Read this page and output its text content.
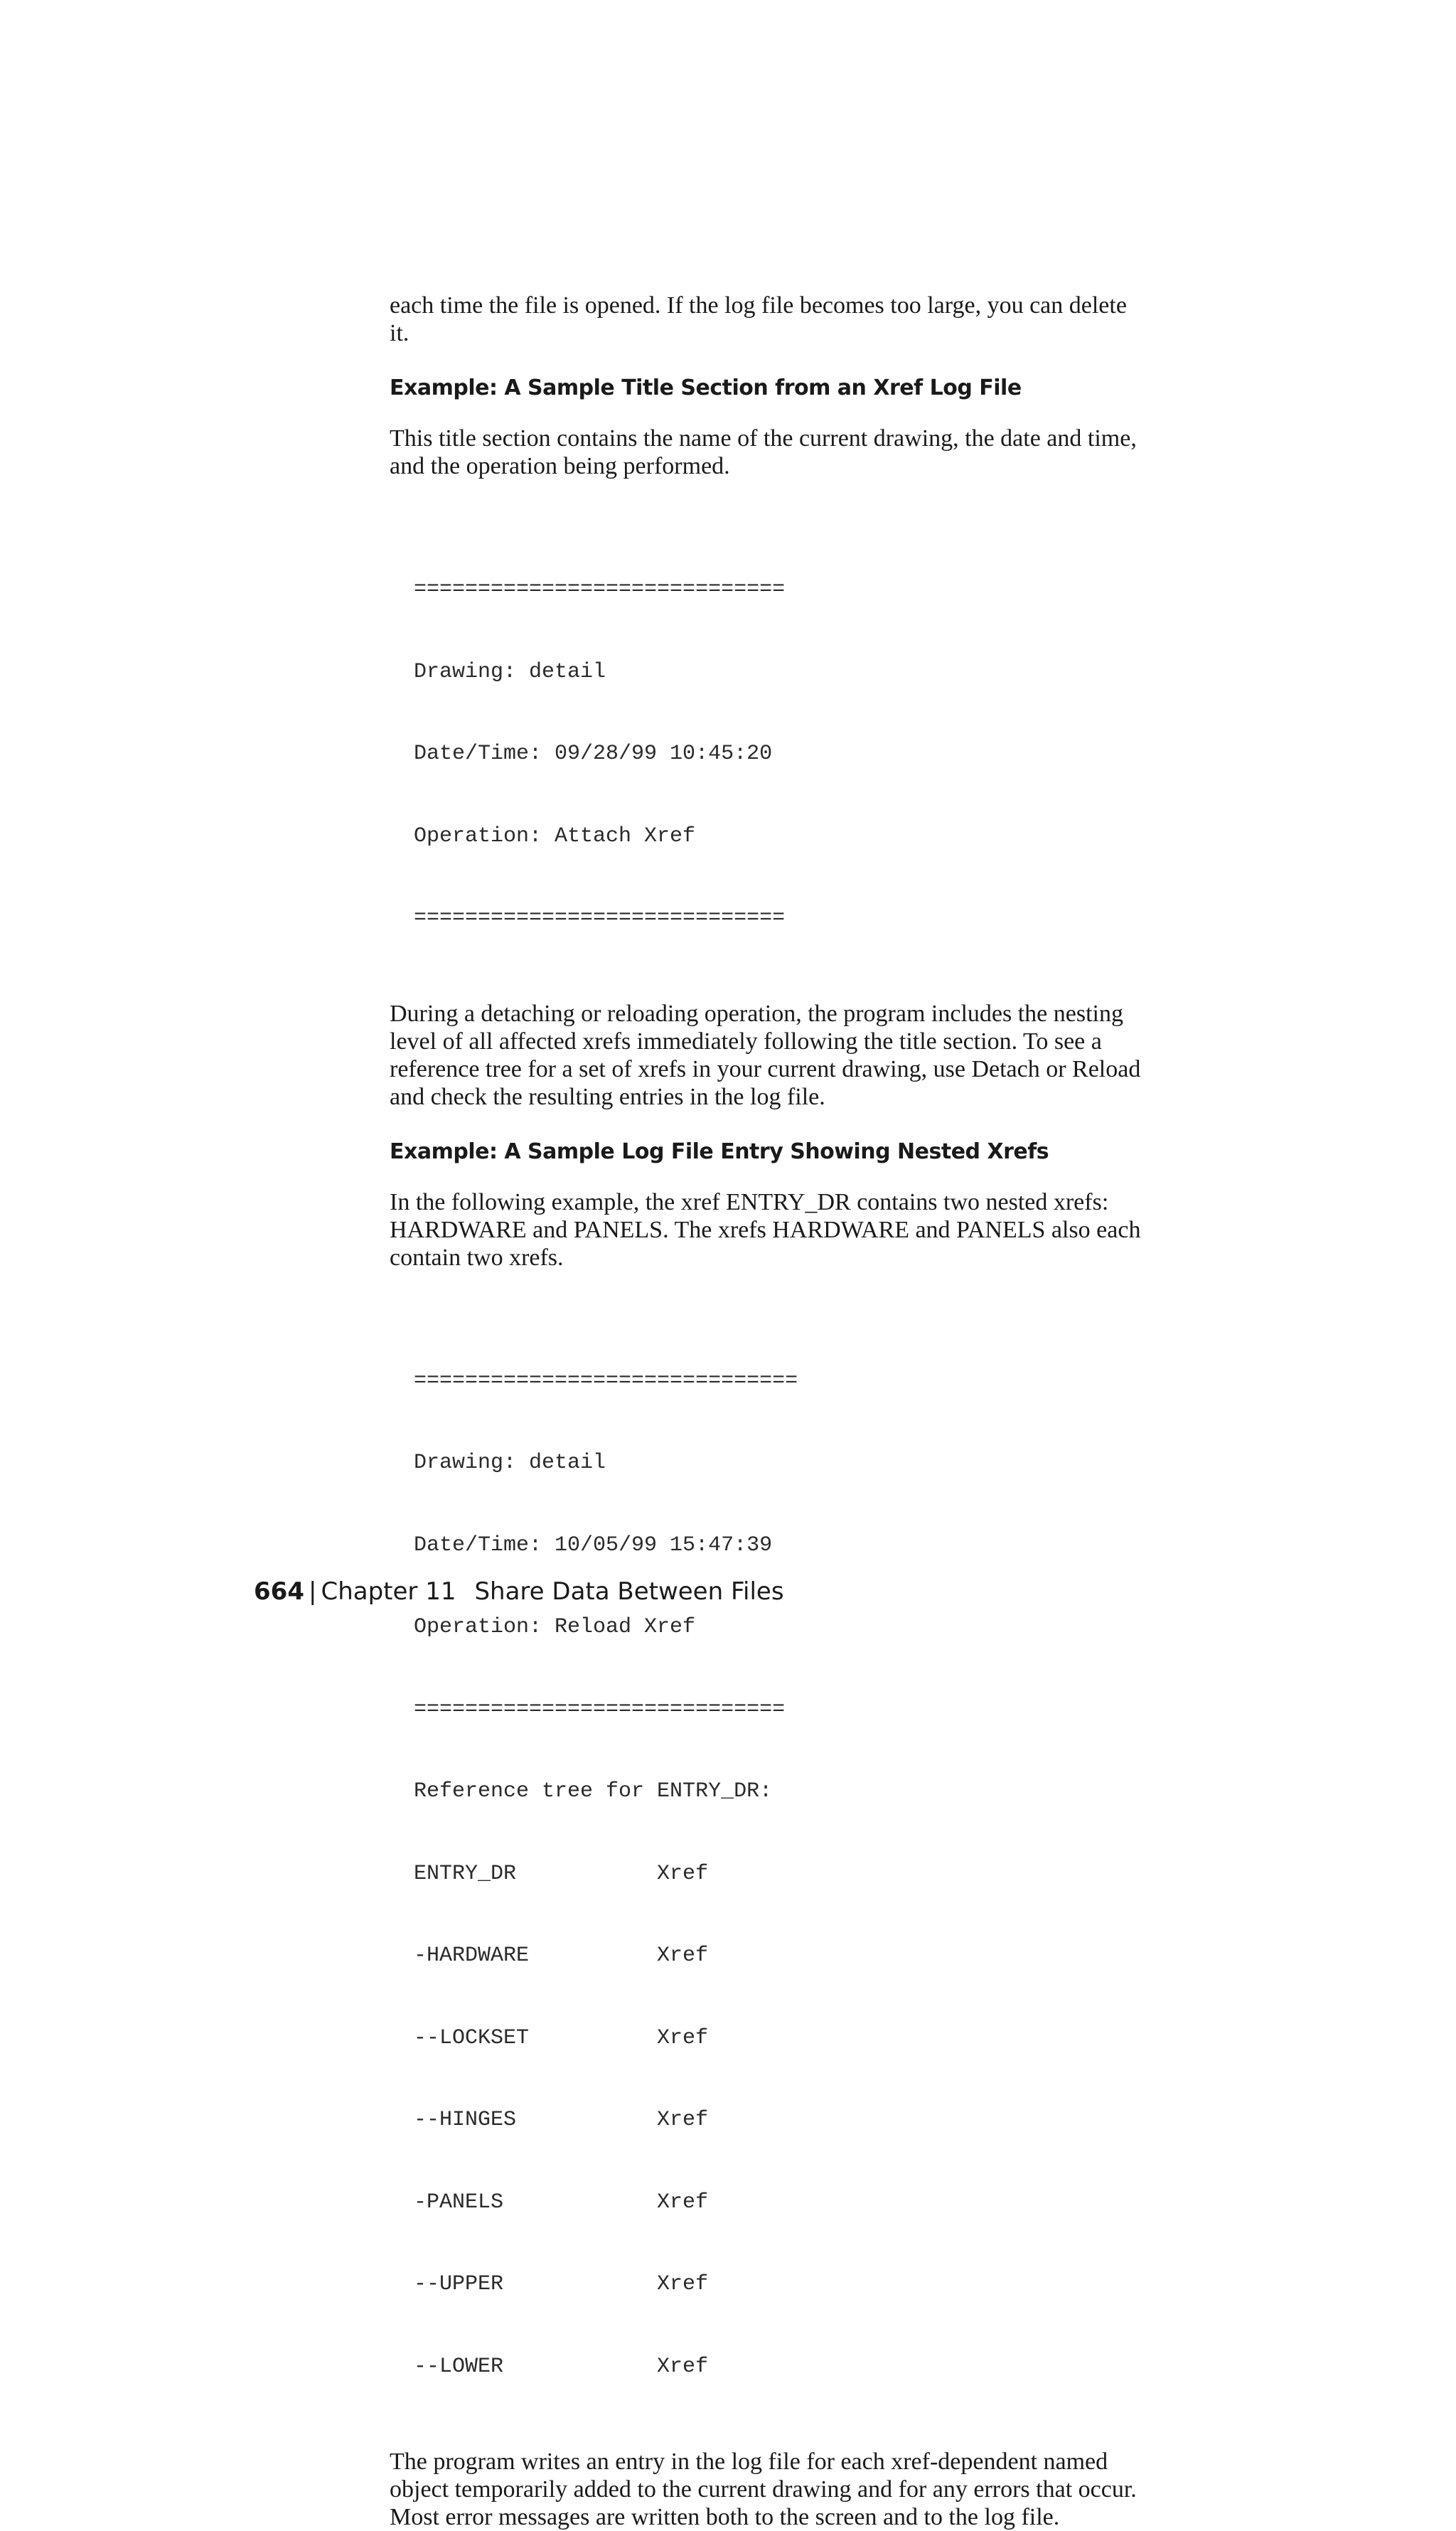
each time the file is opened. If the log file becomes too large, you can delete it.

Example: A Sample Title Section from an Xref Log File

This title section contains the name of the current drawing, the date and time, and the operation being performed.

=============================

Drawing: detail

Date/Time: 09/28/99 10:45:20

Operation: Attach Xref

=============================

During a detaching or reloading operation, the program includes the nesting level of all affected xrefs immediately following the title section. To see a reference tree for a set of xrefs in your current drawing, use Detach or Reload and check the resulting entries in the log file.

Example: A Sample Log File Entry Showing Nested Xrefs

In the following example, the xref ENTRY_DR contains two nested xrefs: HARDWARE and PANELS. The xrefs HARDWARE and PANELS also each contain two xrefs.

==============================

Drawing: detail

Date/Time: 10/05/99 15:47:39

Operation: Reload Xref

=============================

Reference tree for ENTRY_DR:

ENTRY_DR           Xref

-HARDWARE          Xref

--LOCKSET          Xref

--HINGES           Xref

-PANELS            Xref

--UPPER            Xref

--LOWER            Xref

The program writes an entry in the log file for each xref-dependent named object temporarily added to the current drawing and for any errors that occur. Most error messages are written both to the screen and to the log file.

664 | Chapter 11 Share Data Between Files
